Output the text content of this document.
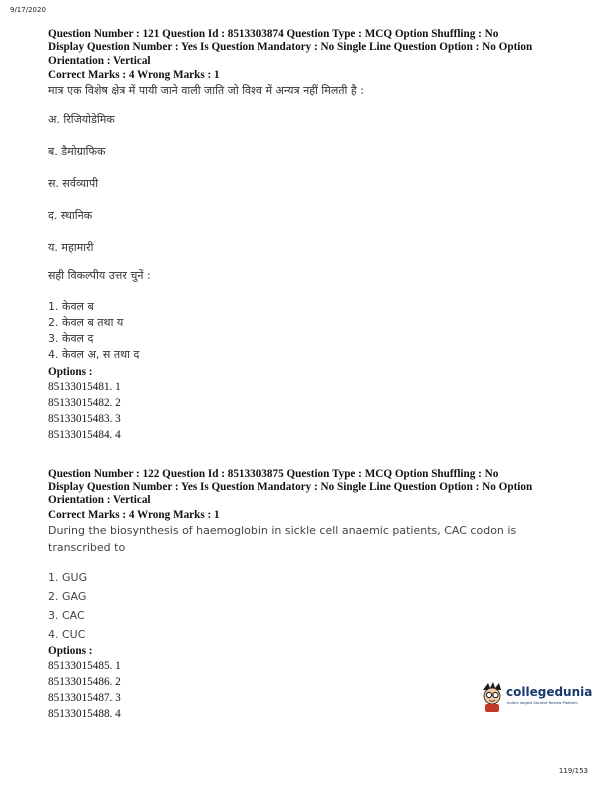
9/17/2020

Question Number : 121 Question Id : 8513303874 Question Type : MCQ Option Shuffling : No

Display Question Number : Yes Is Question Mandatory : No Single Line Question Option : No Option

Orientation : Vertical

Correct Marks : 4 Wrong Marks : 1

मात्र एक विशेष क्षेत्र में पायी जाने वाली जाति जो विश्व में अन्यत्र नहीं मिलती है :

अ. रिजियोडेमिक

ब. डैमोग्राफिक

स. सर्वव्यापी

द. स्थानिक

य. महामारी

सही विकल्पीय उत्तर चुनें :

1. केवल ब

2. केवल ब तथा य

3. केवल द

4. केवल अ, स तथा द

Options :

85133015481. 1

85133015482. 2

85133015483. 3

85133015484. 4

Question Number : 122 Question Id : 8513303875 Question Type : MCQ Option Shuffling : No

Display Question Number : Yes Is Question Mandatory : No Single Line Question Option : No Option

Orientation : Vertical

Correct Marks : 4 Wrong Marks : 1

During the biosynthesis of haemoglobin in sickle cell anaemic patients, CAC codon is

transcribed to

1. GUG

2. GAG

3. CAC

4. CUC

Options :

85133015485. 1

85133015486. 2

85133015487. 3

85133015488. 4

collegedunia
India's largest Student Review Platform
119/153
